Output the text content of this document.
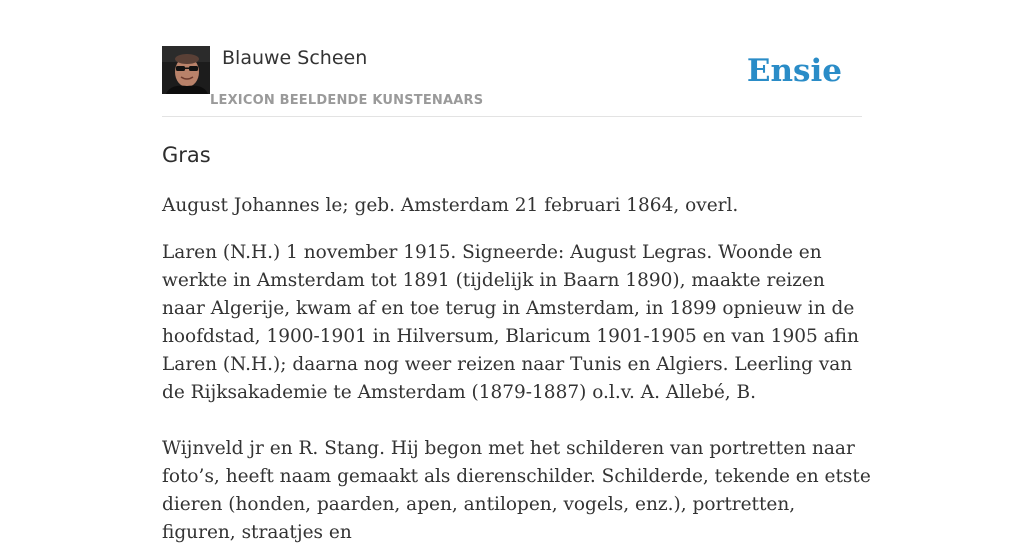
Blauwe Scheen
LEXICON BEELDENDE KUNSTENAARS
Ensie
Gras

August Johannes le; geb. Amsterdam 21 februari 1864, overl.

Laren (N.H.) 1 november 1915. Signeerde: August Legras. Woonde en werkte in Amsterdam tot 1891 (tijdelijk in Baarn 1890), maakte reizen naar Algerije, kwam af en toe terug in Amsterdam, in 1899 opnieuw in de hoofdstad, 1900-1901 in Hilversum, Blaricum 1901-1905 en van 1905 afin Laren (N.H.); daarna nog weer reizen naar Tunis en Algiers. Leerling van de Rijksakademie te Amsterdam (1879-1887) o.l.v. A. Allebé, B.

Wijnveld jr en R. Stang. Hij begon met het schilderen van portretten naar foto’s, heeft naam gemaakt als dierenschilder. Schilderde, tekende en etste dieren (honden, paarden, apen, antilopen, vogels, enz.), portretten, figuren, straatjes en
